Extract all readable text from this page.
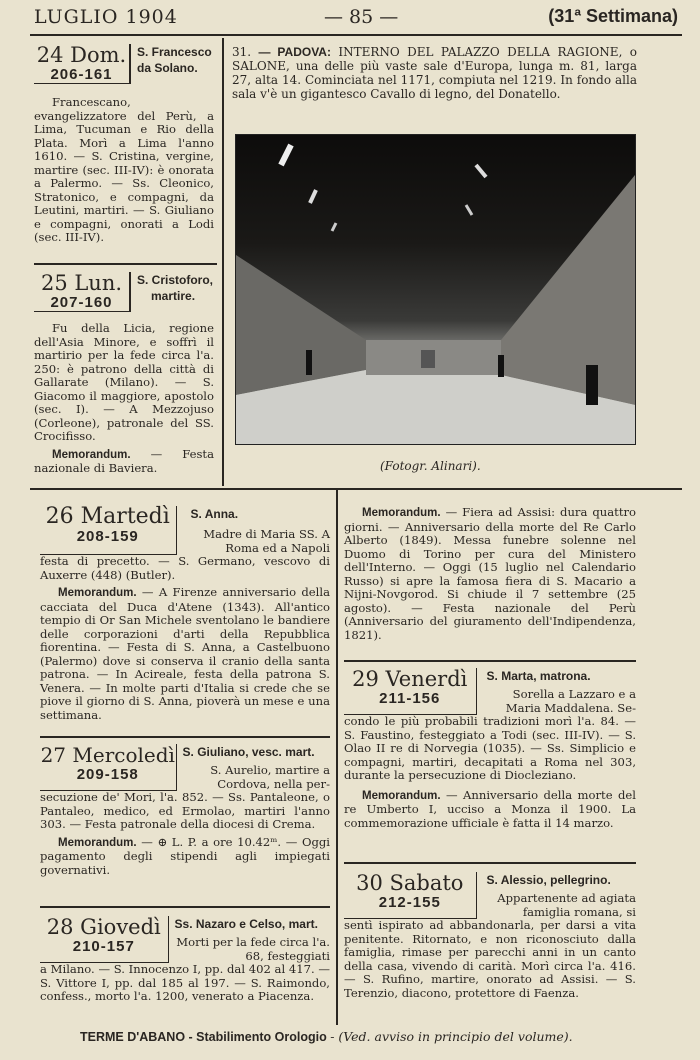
LUGLIO 1904	— 85 —	(31ª Settimana)
24 Dom.
206-161
S. Francesco
da Solano.
Francescano, evangelizzatore del Perù, a Lima, Tucuman e Rio della Plata. Morì a Lima l'anno 1610. — S. Cristina, vergine, martire (sec. III-IV): è onorata a Palermo. — Ss. Cleonico, Stratonico, e compagni, da Leutini, martiri. — S. Giuliano e compagni, onorati a Lodi (sec. III-IV).
25 Lun.
207-160
S. Cristoforo,
martire.
Fu della Licia, regione dell'Asia Minore, e soffrì il martirio per la fede circa l'a. 250: è patrono della città di Gallarate (Milano). — S. Giacomo il maggiore, apostolo (sec. I). — A Mezzojuso (Corleone), patronale del SS. Crocifisso.
Memorandum. — Festa nazionale di Baviera.
31. — PADOVA: INTERNO DEL PALAZZO DELLA RAGIONE, o SALONE, una delle più vaste sale d'Europa, lunga m. 81, larga 27, alta 14. Cominciata nel 1171, compiuta nel 1219. In fondo alla sala v'è un gigantesco Cavallo di legno, del Donatello.
(Fotogr. Alinari).
26 Martedì
208-159
S. Anna.
Madre di Maria SS. A Roma ed a Napoli
festa di precetto. — S. Germano, vescovo di Auxerre (448) (Butler).
Memorandum. — A Firenze anniversario della cacciata del Duca d'Atene (1343). All'antico tempio di Or San Michele sventolano le bandiere delle corporazioni d'arti della Repubblica fiorentina. — Festa di S. Anna, a Castelbuono (Palermo) dove si conserva il cranio della santa patrona. — In Acireale, festa della patrona S. Venera. — In molte parti d'Italia si crede che se piove il giorno di S. Anna, pioverà un mese e una settimana.
27 Mercoledì
209-158
S. Giuliano, vesc. mart.
S. Aurelio, martire a Cordova, nella per-
secuzione de' Mori, l'a. 852. — Ss. Pantaleone, o Pantaleo, medico, ed Ermolao, martiri l'anno 303. — Festa patronale della diocesi di Crema.
Memorandum. — ⊕ L. P. a ore 10.42ᵐ. — Oggi pagamento degli stipendi agli impiegati governativi.
28 Giovedì
210-157
Ss. Nazaro e Celso, mart.
Morti per la fede circa l'a. 68, festeggiati
a Milano. — S. Innocenzo I, pp. dal 402 al 417. — S. Vittore I, pp. dal 185 al 197. — S. Raimondo, confess., morto l'a. 1200, venerato a Piacenza.
Memorandum. — Fiera ad Assisi: dura quattro giorni. — Anniversario della morte del Re Carlo Alberto (1849). Messa funebre solenne nel Duomo di Torino per cura del Ministero dell'Interno. — Oggi (15 luglio nel Calendario Russo) si apre la famosa fiera di S. Macario a Nijni-Novgorod. Si chiude il 7 settembre (25 agosto). — Festa nazionale del Perù (Anniversario del giuramento dell'Indipendenza, 1821).
29 Venerdì
211-156
S. Marta, matrona.
Sorella a Lazzaro e a Maria Maddalena. Se-
condo le più probabili tradizioni morì l'a. 84. — S. Faustino, festeggiato a Todi (sec. III-IV). — S. Olao II re di Norvegia (1035). — Ss. Simplicio e compagni, martiri, decapitati a Roma nel 303, durante la persecuzione di Diocleziano.
Memorandum. — Anniversario della morte del re Umberto I, ucciso a Monza il 1900. La commemorazione ufficiale è fatta il 14 marzo.
30 Sabato
212-155
S. Alessio, pellegrino.
Appartenente ad agiata famiglia romana, si
sentì ispirato ad abbandonarla, per darsi a vita penitente. Ritornato, e non riconosciuto dalla famiglia, rimase per parecchi anni in un canto della casa, vivendo di carità. Morì circa l'a. 416. — S. Rufino, martire, onorato ad Assisi. — S. Terenzio, diacono, protettore di Faenza.
TERME D'ABANO - Stabilimento Orologio - (Ved. avviso in principio del volume).
